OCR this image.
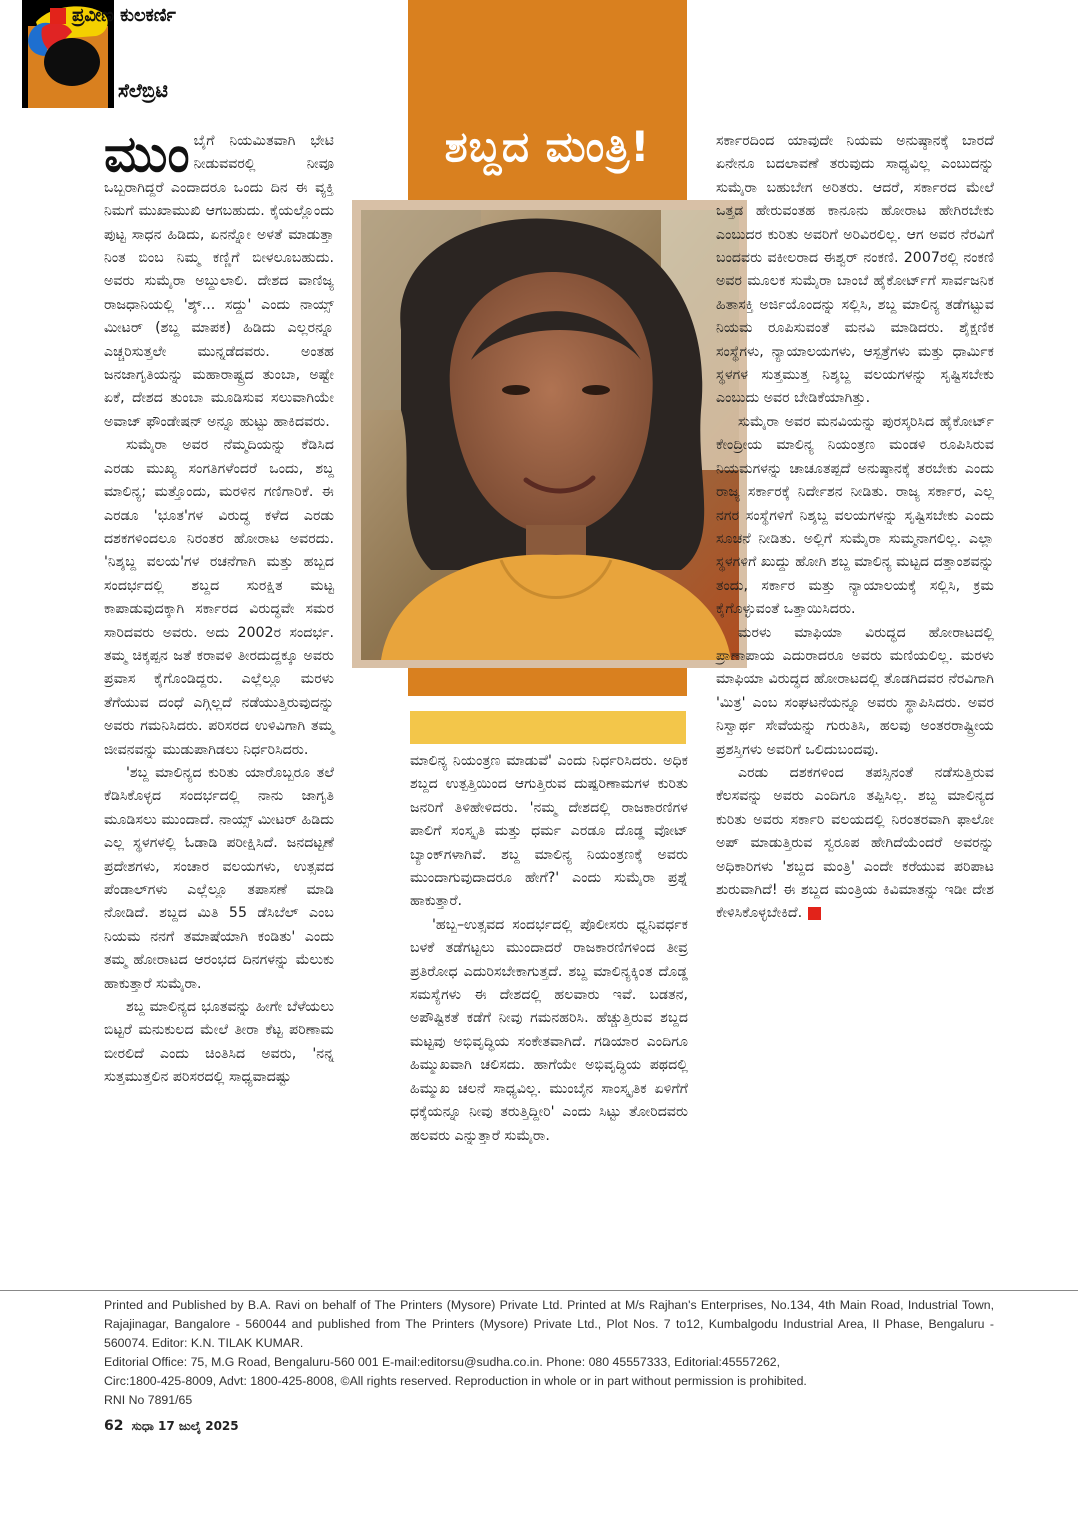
ಸೆಲೆಬ್ರಿಟಿ
ಶಬ್ದದ ಮಂತ್ರಿ!
ಪ್ರವೀಣ ಕುಲಕರ್ಣಿ

ಮುಂಬೈಗೆ ನಿಯಮಿತವಾಗಿ ಭೇಟಿ ನೀಡುವವರಲ್ಲಿ ನೀವೂ ಒಬ್ಬರಾಗಿದ್ದರೆ ಎಂದಾದರೂ ಒಂದು ದಿನ ಈ ವ್ಯಕ್ತಿ ನಿಮಗೆ ಮುಖಾಮುಖಿ ಆಗಬಹುದು. ಕೈಯಲ್ಲೊಂದು ಪುಟ್ಟ ಸಾಧನ ಹಿಡಿದು, ಏನನ್ನೋ ಅಳತೆ ಮಾಡುತ್ತಾ ನಿಂತ ಬಿಂಬ ನಿಮ್ಮ ಕಣ್ಣಿಗೆ ಬೀಳಲೂಬಹುದು. ಅವರು ಸುಮೈರಾ ಅಬ್ದುಲಾಲಿ. ದೇಶದ ವಾಣಿಜ್ಯ ರಾಜಧಾನಿಯಲ್ಲಿ 'ಶ್ಶ್... ಸದ್ದು' ಎಂದು ನಾಯ್ಸ್ ಮೀಟರ್ (ಶಬ್ದ ಮಾಪಕ) ಹಿಡಿದು ಎಲ್ಲರನ್ನೂ ಎಚ್ಚರಿಸುತ್ತಲೇ ಮುನ್ನಡೆದವರು. ಅಂತಹ ಜನಜಾಗೃತಿಯನ್ನು ಮಹಾರಾಷ್ಟ್ರದ ತುಂಬಾ, ಅಷ್ಟೇ ಏಕೆ, ದೇಶದ ತುಂಬಾ ಮೂಡಿಸುವ ಸಲುವಾಗಿಯೇ ಅವಾಜ್ ಫೌಂಡೇಷನ್ ಅನ್ನೂ ಹುಟ್ಟು ಹಾಕಿದವರು.

ಸುಮೈರಾ ಅವರ ನೆಮ್ಮದಿಯನ್ನು ಕೆಡಿಸಿದ ಎರಡು ಮುಖ್ಯ ಸಂಗತಿಗಳೆಂದರೆ ಒಂದು, ಶಬ್ದ ಮಾಲಿನ್ಯ; ಮತ್ತೊಂದು, ಮರಳಿನ ಗಣಿಗಾರಿಕೆ. ಈ ಎರಡೂ 'ಭೂತ'ಗಳ ವಿರುದ್ಧ ಕಳೆದ ಎರಡು ದಶಕಗಳಿಂದಲೂ ನಿರಂತರ ಹೋರಾಟ ಅವರದು. 'ನಿಶ್ಶಬ್ದ ವಲಯ'ಗಳ ರಚನೆಗಾಗಿ ಮತ್ತು ಹಬ್ಬದ ಸಂದರ್ಭದಲ್ಲಿ ಶಬ್ದದ ಸುರಕ್ಷಿತ ಮಟ್ಟ ಕಾಪಾಡುವುದಕ್ಕಾಗಿ ಸರ್ಕಾರದ ವಿರುದ್ಧವೇ ಸಮರ ಸಾರಿದವರು ಅವರು. ಅದು 2002ರ ಸಂದರ್ಭ. ತಮ್ಮ ಚಿಕ್ಕಪ್ಪನ ಜತೆ ಕರಾವಳಿ ತೀರದುದ್ದಕ್ಕೂ ಅವರು ಪ್ರವಾಸ ಕೈಗೊಂಡಿದ್ದರು. ಎಲ್ಲೆಲ್ಲೂ ಮರಳು ತೆಗೆಯುವ ದಂಧೆ ಎಗ್ಗಿಲ್ಲದೆ ನಡೆಯುತ್ತಿರುವುದನ್ನು ಅವರು ಗಮನಿಸಿದರು. ಪರಿಸರದ ಉಳಿವಿಗಾಗಿ ತಮ್ಮ ಜೀವನವನ್ನು ಮುಡುಪಾಗಿಡಲು ನಿರ್ಧರಿಸಿದರು.

'ಶಬ್ದ ಮಾಲಿನ್ಯದ ಕುರಿತು ಯಾರೊಬ್ಬರೂ ತಲೆ ಕೆಡಿಸಿಕೊಳ್ಳದ ಸಂದರ್ಭದಲ್ಲಿ ನಾನು ಜಾಗೃತಿ ಮೂಡಿಸಲು ಮುಂದಾದೆ. ನಾಯ್ಸ್ ಮೀಟರ್ ಹಿಡಿದು ಎಲ್ಲ ಸ್ಥಳಗಳಲ್ಲಿ ಓಡಾಡಿ ಪರೀಕ್ಷಿಸಿದೆ. ಜನದಟ್ಟಣೆ ಪ್ರದೇಶಗಳು, ಸಂಚಾರ ವಲಯಗಳು, ಉತ್ಸವದ ಪೆಂಡಾಲ್‌ಗಳು ಎಲ್ಲೆಲ್ಲೂ ತಪಾಸಣೆ ಮಾಡಿ ನೋಡಿದೆ. ಶಬ್ದದ ಮಿತಿ 55 ಡೆಸಿಬೆಲ್ ಎಂಬ ನಿಯಮ ನನಗೆ ತಮಾಷೆಯಾಗಿ ಕಂಡಿತು' ಎಂದು ತಮ್ಮ ಹೋರಾಟದ ಆರಂಭದ ದಿನಗಳನ್ನು ಮೆಲುಕು ಹಾಕುತ್ತಾರೆ ಸುಮೈರಾ.

ಶಬ್ದ ಮಾಲಿನ್ಯದ ಭೂತವನ್ನು ಹೀಗೇ ಬೆಳೆಯಲು ಬಿಟ್ಟರೆ ಮನುಕುಲದ ಮೇಲೆ ತೀರಾ ಕೆಟ್ಟ ಪರಿಣಾಮ ಬೀರಲಿದೆ ಎಂದು ಚಿಂತಿಸಿದ ಅವರು, 'ನನ್ನ ಸುತ್ತಮುತ್ತಲಿನ ಪರಿಸರದಲ್ಲಿ ಸಾಧ್ಯವಾದಷ್ಟು

ಮಾಲಿನ್ಯ ನಿಯಂತ್ರಣ ಮಾಡುವೆ' ಎಂದು ನಿರ್ಧರಿಸಿದರು. ಅಧಿಕ ಶಬ್ದದ ಉತ್ಪತ್ತಿಯಿಂದ ಆಗುತ್ತಿರುವ ದುಷ್ಪರಿಣಾಮಗಳ ಕುರಿತು ಜನರಿಗೆ ತಿಳಿಹೇಳಿದರು. 'ನಮ್ಮ ದೇಶದಲ್ಲಿ ರಾಜಕಾರಣಿಗಳ ಪಾಲಿಗೆ ಸಂಸ್ಕೃತಿ ಮತ್ತು ಧರ್ಮ ಎರಡೂ ದೊಡ್ಡ ವೋಟ್ ಬ್ಯಾಂಕ್‌ಗಳಾಗಿವೆ. ಶಬ್ದ ಮಾಲಿನ್ಯ ನಿಯಂತ್ರಣಕ್ಕೆ ಅವರು ಮುಂದಾಗುವುದಾದರೂ ಹೇಗೆ?' ಎಂದು ಸುಮೈರಾ ಪ್ರಶ್ನೆ ಹಾಕುತ್ತಾರೆ.

'ಹಬ್ಬ–ಉತ್ಸವದ ಸಂದರ್ಭದಲ್ಲಿ ಪೊಲೀಸರು ಧ್ವನಿವರ್ಧಕ ಬಳಕೆ ತಡೆಗಟ್ಟಲು ಮುಂದಾದರೆ ರಾಜಕಾರಣಿಗಳಿಂದ ತೀವ್ರ ಪ್ರತಿರೋಧ ಎದುರಿಸಬೇಕಾಗುತ್ತದೆ. ಶಬ್ದ ಮಾಲಿನ್ಯಕ್ಕಿಂತ ದೊಡ್ಡ ಸಮಸ್ಯೆಗಳು ಈ ದೇಶದಲ್ಲಿ ಹಲವಾರು ಇವೆ. ಬಡತನ, ಅಪೌಷ್ಟಿಕತೆ ಕಡೆಗೆ ನೀವು ಗಮನಹರಿಸಿ. ಹೆಚ್ಚುತ್ತಿರುವ ಶಬ್ದದ ಮಟ್ಟವು ಅಭಿವೃದ್ಧಿಯ ಸಂಕೇತವಾಗಿದೆ. ಗಡಿಯಾರ ಎಂದಿಗೂ ಹಿಮ್ಮುಖವಾಗಿ ಚಲಿಸದು. ಹಾಗೆಯೇ ಅಭಿವೃದ್ಧಿಯ ಪಥದಲ್ಲಿ ಹಿಮ್ಮುಖ ಚಲನೆ ಸಾಧ್ಯವಿಲ್ಲ. ಮುಂಬೈನ ಸಾಂಸ್ಕೃತಿಕ ಏಳಿಗೆಗೆ ಧಕ್ಕೆಯನ್ನೂ ನೀವು ತರುತ್ತಿದ್ದೀರಿ' ಎಂದು ಸಿಟ್ಟು ತೋರಿದವರು ಹಲವರು ಎನ್ನುತ್ತಾರೆ ಸುಮೈರಾ.

ಸರ್ಕಾರದಿಂದ ಯಾವುದೇ ನಿಯಮ ಅನುಷ್ಠಾನಕ್ಕೆ ಬಾರದೆ ಏನೇನೂ ಬದಲಾವಣೆ ತರುವುದು ಸಾಧ್ಯವಿಲ್ಲ ಎಂಬುದನ್ನು ಸುಮೈರಾ ಬಹುಬೇಗ ಅರಿತರು. ಆದರೆ, ಸರ್ಕಾರದ ಮೇಲೆ ಒತ್ತಡ ಹೇರುವಂತಹ ಕಾನೂನು ಹೋರಾಟ ಹೇಗಿರಬೇಕು ಎಂಬುದರ ಕುರಿತು ಅವರಿಗೆ ಅರಿವಿರಲಿಲ್ಲ. ಆಗ ಅವರ ನೆರವಿಗೆ ಬಂದವರು ವಕೀಲರಾದ ಈಶ್ವರ್ ನಂಕಣಿ. 2007ರಲ್ಲಿ ನಂಕಣಿ ಅವರ ಮೂಲಕ ಸುಮೈರಾ ಬಾಂಬೆ ಹೈಕೋರ್ಟ್‌ಗೆ ಸಾರ್ವಜನಿಕ ಹಿತಾಸಕ್ತಿ ಅರ್ಜಿಯೊಂದನ್ನು ಸಲ್ಲಿಸಿ, ಶಬ್ದ ಮಾಲಿನ್ಯ ತಡೆಗಟ್ಟುವ ನಿಯಮ ರೂಪಿಸುವಂತೆ ಮನವಿ ಮಾಡಿದರು. ಶೈಕ್ಷಣಿಕ ಸಂಸ್ಥೆಗಳು, ನ್ಯಾಯಾಲಯಗಳು, ಆಸ್ಪತ್ರೆಗಳು ಮತ್ತು ಧಾರ್ಮಿಕ ಸ್ಥಳಗಳ ಸುತ್ತಮುತ್ತ ನಿಶ್ಶಬ್ದ ವಲಯಗಳನ್ನು ಸೃಷ್ಟಿಸಬೇಕು ಎಂಬುದು ಅವರ ಬೇಡಿಕೆಯಾಗಿತ್ತು.

ಸುಮೈರಾ ಅವರ ಮನವಿಯನ್ನು ಪುರಸ್ಕರಿಸಿದ ಹೈಕೋರ್ಟ್ ಕೇಂದ್ರೀಯ ಮಾಲಿನ್ಯ ನಿಯಂತ್ರಣ ಮಂಡಳಿ ರೂಪಿಸಿರುವ ನಿಯಮಗಳನ್ನು ಚಾಚೂತಪ್ಪದೆ ಅನುಷ್ಠಾನಕ್ಕೆ ತರಬೇಕು ಎಂದು ರಾಜ್ಯ ಸರ್ಕಾರಕ್ಕೆ ನಿರ್ದೇಶನ ನೀಡಿತು. ರಾಜ್ಯ ಸರ್ಕಾರ, ಎಲ್ಲ ನಗರ ಸಂಸ್ಥೆಗಳಿಗೆ ನಿಶ್ಶಬ್ದ ವಲಯಗಳನ್ನು ಸೃಷ್ಟಿಸಬೇಕು ಎಂದು ಸೂಚನೆ ನೀಡಿತು. ಅಲ್ಲಿಗೆ ಸುಮೈರಾ ಸುಮ್ಮನಾಗಲಿಲ್ಲ. ಎಲ್ಲಾ ಸ್ಥಳಗಳಿಗೆ ಖುದ್ದು ಹೋಗಿ ಶಬ್ದ ಮಾಲಿನ್ಯ ಮಟ್ಟದ ದತ್ತಾಂಶವನ್ನು ತಂದು, ಸರ್ಕಾರ ಮತ್ತು ನ್ಯಾಯಾಲಯಕ್ಕೆ ಸಲ್ಲಿಸಿ, ಕ್ರಮ ಕೈಗೊಳ್ಳುವಂತೆ ಒತ್ತಾಯಿಸಿದರು.

ಮರಳು ಮಾಫಿಯಾ ವಿರುದ್ಧದ ಹೋರಾಟದಲ್ಲಿ ಪ್ರಾಣಾಪಾಯ ಎದುರಾದರೂ ಅವರು ಮಣಿಯಲಿಲ್ಲ. ಮರಳು ಮಾಫಿಯಾ ವಿರುದ್ಧದ ಹೋರಾಟದಲ್ಲಿ ತೊಡಗಿದವರ ನೆರವಿಗಾಗಿ 'ಮಿತ್ರ' ಎಂಬ ಸಂಘಟನೆಯನ್ನೂ ಅವರು ಸ್ಥಾಪಿಸಿದರು. ಅವರ ನಿಸ್ವಾರ್ಥ ಸೇವೆಯನ್ನು ಗುರುತಿಸಿ, ಹಲವು ಅಂತರರಾಷ್ಟ್ರೀಯ ಪ್ರಶಸ್ತಿಗಳು ಅವರಿಗೆ ಒಲಿದುಬಂದವು.

ಎರಡು ದಶಕಗಳಿಂದ ತಪಸ್ಸಿನಂತೆ ನಡೆಸುತ್ತಿರುವ ಕೆಲಸವನ್ನು ಅವರು ಎಂದಿಗೂ ತಪ್ಪಿಸಿಲ್ಲ. ಶಬ್ದ ಮಾಲಿನ್ಯದ ಕುರಿತು ಅವರು ಸರ್ಕಾರಿ ವಲಯದಲ್ಲಿ ನಿರಂತರವಾಗಿ ಫಾಲೋ ಅಪ್ ಮಾಡುತ್ತಿರುವ ಸ್ವರೂಪ ಹೇಗಿದೆಯೆಂದರೆ ಅವರನ್ನು ಅಧಿಕಾರಿಗಳು 'ಶಬ್ದದ ಮಂತ್ರಿ' ಎಂದೇ ಕರೆಯುವ ಪರಿಪಾಟ ಶುರುವಾಗಿದೆ! ಈ ಶಬ್ದದ ಮಂತ್ರಿಯ ಕಿವಿಮಾತನ್ನು ಇಡೀ ದೇಶ ಕೇಳಿಸಿಕೊಳ್ಳಬೇಕಿದೆ.

Printed and Published by B.A. Ravi on behalf of The Printers (Mysore) Private Ltd. Printed at M/s Rajhan's Enterprises, No.134, 4th Main Road, Industrial Town, Rajajinagar, Bangalore - 560044 and published from The Printers (Mysore) Private Ltd., Plot Nos. 7 to12, Kumbalgodu Industrial Area, II Phase, Bengaluru - 560074. Editor: K.N. TILAK KUMAR.
Editorial Office: 75, M.G Road, Bengaluru-560 001 E-mail:editorsu@sudha.co.in. Phone: 080 45557333, Editorial:45557262,
Circ:1800-425-8009, Advt: 1800-425-8008, ©All rights reserved. Reproduction in whole or in part without permission is prohibited.
RNI No 7891/65
62 ಸುಧಾ 17 ಜುಲೈ 2025
